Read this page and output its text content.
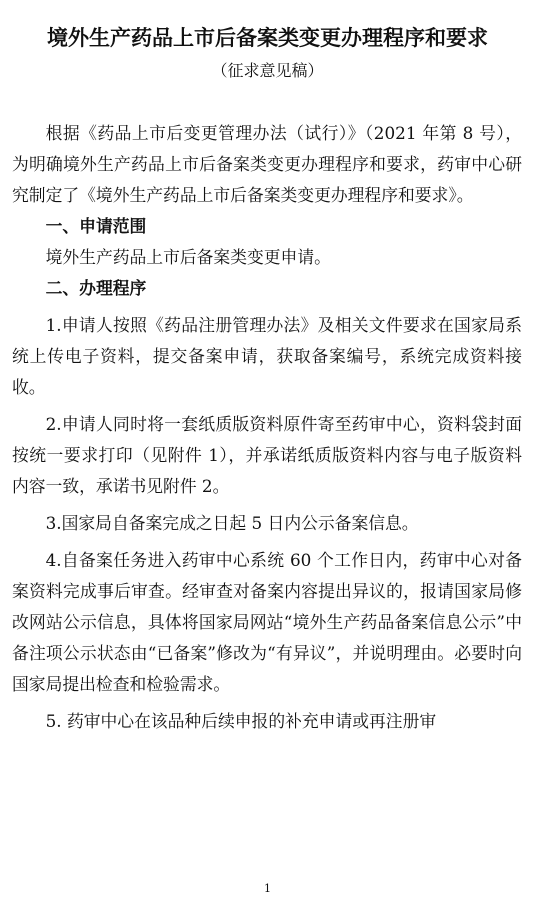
境外生产药品上市后备案类变更办理程序和要求
（征求意见稿）

根据《药品上市后变更管理办法（试行）》（2021 年第 8 号），为明确境外生产药品上市后备案类变更办理程序和要求，药审中心研究制定了《境外生产药品上市后备案类变更办理程序和要求》。

一、申请范围

境外生产药品上市后备案类变更申请。

二、办理程序

1.申请人按照《药品注册管理办法》及相关文件要求在国家局系统上传电子资料，提交备案申请，获取备案编号，系统完成资料接收。

2.申请人同时将一套纸质版资料原件寄至药审中心，资料袋封面按统一要求打印（见附件 1），并承诺纸质版资料内容与电子版资料内容一致，承诺书见附件 2。

3.国家局自备案完成之日起 5 日内公示备案信息。

4.自备案任务进入药审中心系统 60 个工作日内，药审中心对备案资料完成事后审查。经审查对备案内容提出异议的，报请国家局修改网站公示信息，具体将国家局网站“境外生产药品备案信息公示”中备注项公示状态由“已备案”修改为“有异议”，并说明理由。必要时向国家局提出检查和检验需求。

5. 药审中心在该品种后续申报的补充申请或再注册审

1
